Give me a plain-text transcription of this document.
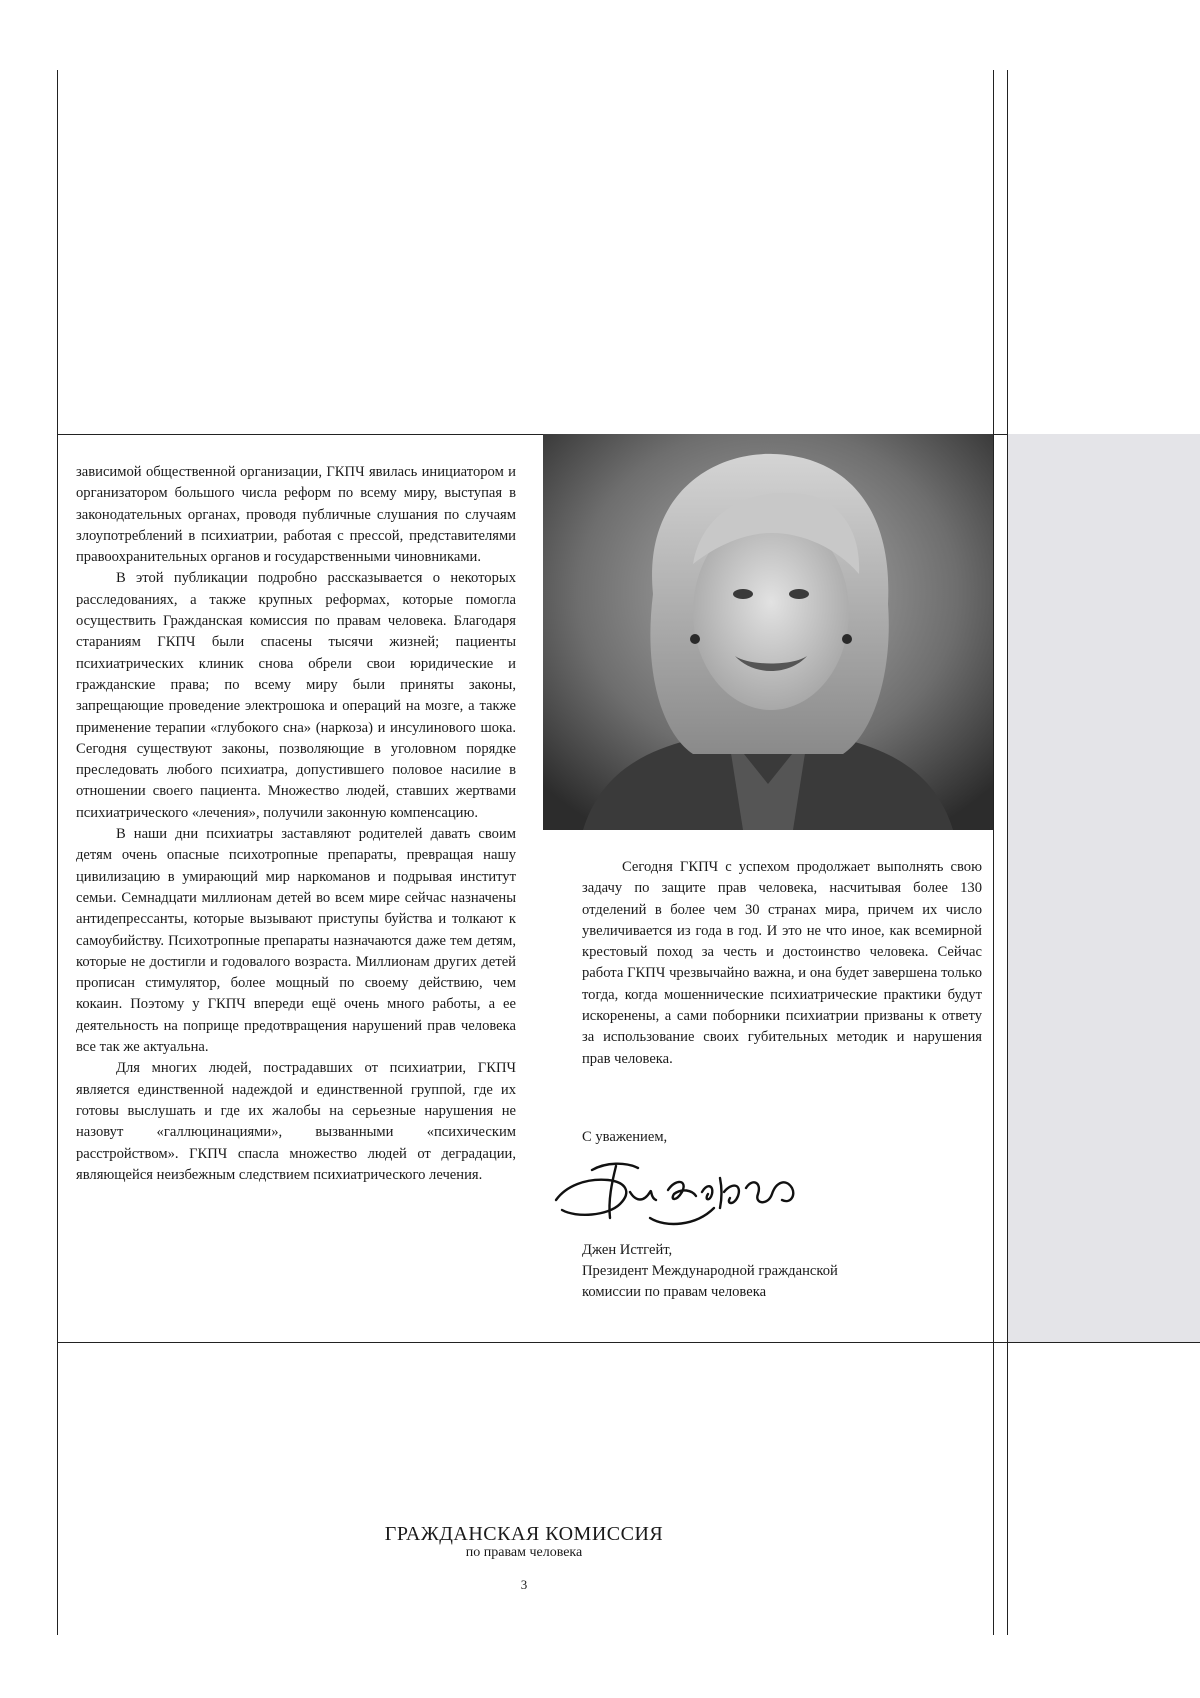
зависимой общественной организации, ГКПЧ явилась инициатором и организатором большого числа реформ по всему миру, выступая в законодательных органах, проводя публичные слушания по случаям злоупотреблений в психиатрии, работая с прессой, представителями правоохранительных органов и государственными чиновниками.

В этой публикации подробно рассказывается о некоторых расследованиях, а также крупных реформах, которые помогла осуществить Гражданская комиссия по правам человека. Благодаря стараниям ГКПЧ были спасены тысячи жизней; пациенты психиатрических клиник снова обрели свои юридические и гражданские права; по всему миру были приняты законы, запрещающие проведение электрошока и операций на мозге, а также применение терапии «глубокого сна» (наркоза) и инсулинового шока. Сегодня существуют законы, позволяющие в уголовном порядке преследовать любого психиатра, допустившего половое насилие в отношении своего пациента. Множество людей, ставших жертвами психиатрического «лечения», получили законную компенсацию.

В наши дни психиатры заставляют родителей давать своим детям очень опасные психотропные препараты, превращая нашу цивилизацию в умирающий мир наркоманов и подрывая институт семьи. Семнадцати миллионам детей во всем мире сейчас назначены антидепрессанты, которые вызывают приступы буйства и толкают к самоубийству. Психотропные препараты назначаются даже тем детям, которые не достигли и годовалого возраста. Миллионам других детей прописан стимулятор, более мощный по своему действию, чем кокаин. Поэтому у ГКПЧ впереди ещё очень много работы, а ее деятельность на поприще предотвращения нарушений прав человека все так же актуальна.

Для многих людей, пострадавших от психиатрии, ГКПЧ является единственной надеждой и единственной группой, где их готовы выслушать и где их жалобы на серьезные нарушения не назовут «галлюцинациями», вызванными «психическим расстройством». ГКПЧ спасла множество людей от деградации, являющейся неизбежным следствием психиатрического лечения.

Сегодня ГКПЧ с успехом продолжает выполнять свою задачу по защите прав человека, насчитывая более 130 отделений в более чем 30 странах мира, причем их число увеличивается из года в год. И это не что иное, как всемирной крестовый поход за честь и достоинство человека. Сейчас работа ГКПЧ чрезвычайно важна, и она будет завершена только тогда, когда мошеннические психиатрические практики будут искоренены, а сами поборники психиатрии призваны к ответу за использование своих губительных методик и нарушения прав человека.

С уважением,
Джен Истгейт,
Президент Международной гражданской
комиссии по правам человека
ГРАЖДАНСКАЯ КОМИССИЯ
по правам человека
3
